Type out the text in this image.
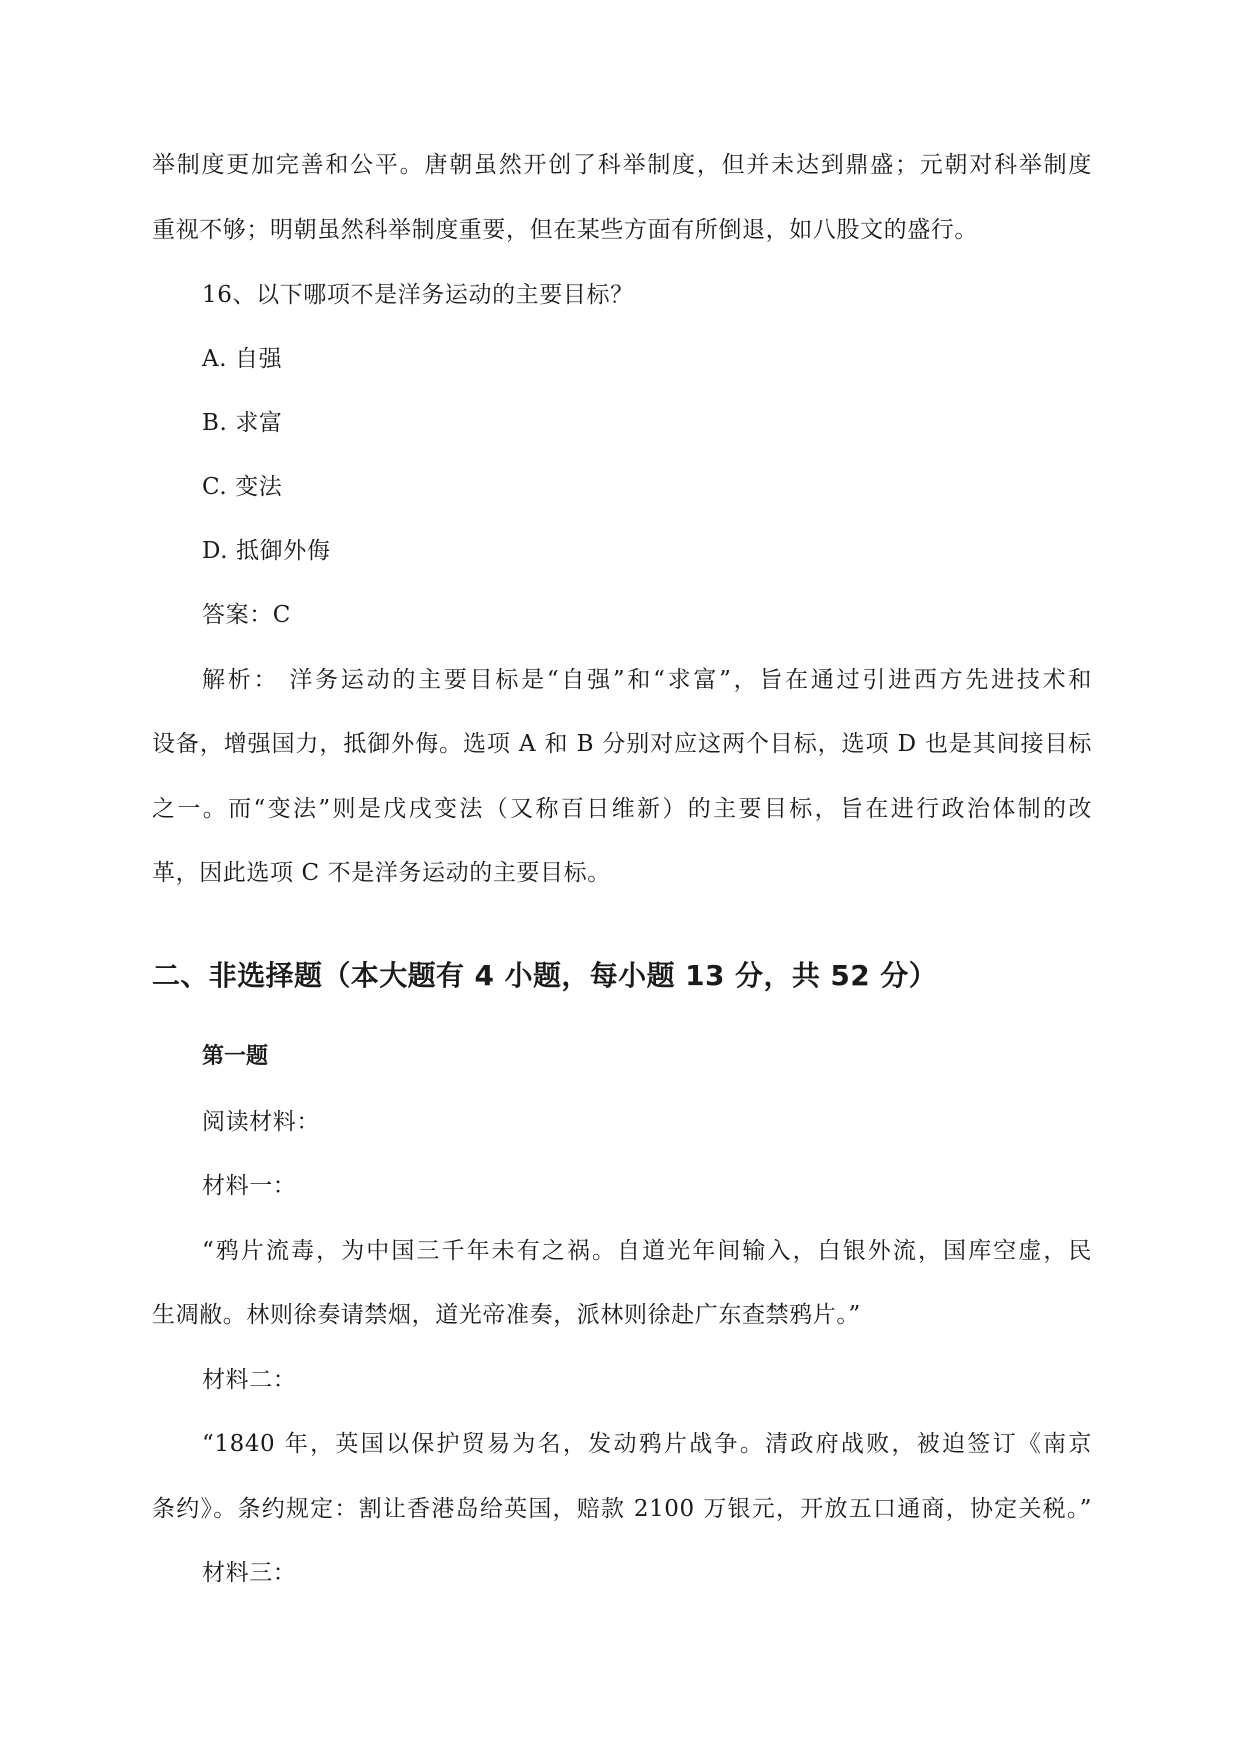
举制度更加完善和公平。唐朝虽然开创了科举制度，但并未达到鼎盛；元朝对科举制度
重视不够；明朝虽然科举制度重要，但在某些方面有所倒退，如八股文的盛行。
16、以下哪项不是洋务运动的主要目标？
A. 自强
B. 求富
C. 变法
D. 抵御外侮
答案：C
解析： 洋务运动的主要目标是“自强”和“求富”，旨在通过引进西方先进技术和
设备，增强国力，抵御外侮。选项 A 和 B 分别对应这两个目标，选项 D 也是其间接目标
之一。而“变法”则是戊戌变法（又称百日维新）的主要目标，旨在进行政治体制的改
革，因此选项 C 不是洋务运动的主要目标。
二、非选择题（本大题有 4 小题，每小题 13 分，共 52 分）
第一题
阅读材料：
材料一：
“鸦片流毒，为中国三千年未有之祸。自道光年间输入，白银外流，国库空虚，民
生凋敝。林则徐奏请禁烟，道光帝准奏，派林则徐赴广东查禁鸦片。”
材料二：
“1840 年，英国以保护贸易为名，发动鸦片战争。清政府战败，被迫签订《南京
条约》。条约规定：割让香港岛给英国，赔款 2100 万银元，开放五口通商，协定关税。”
材料三：
